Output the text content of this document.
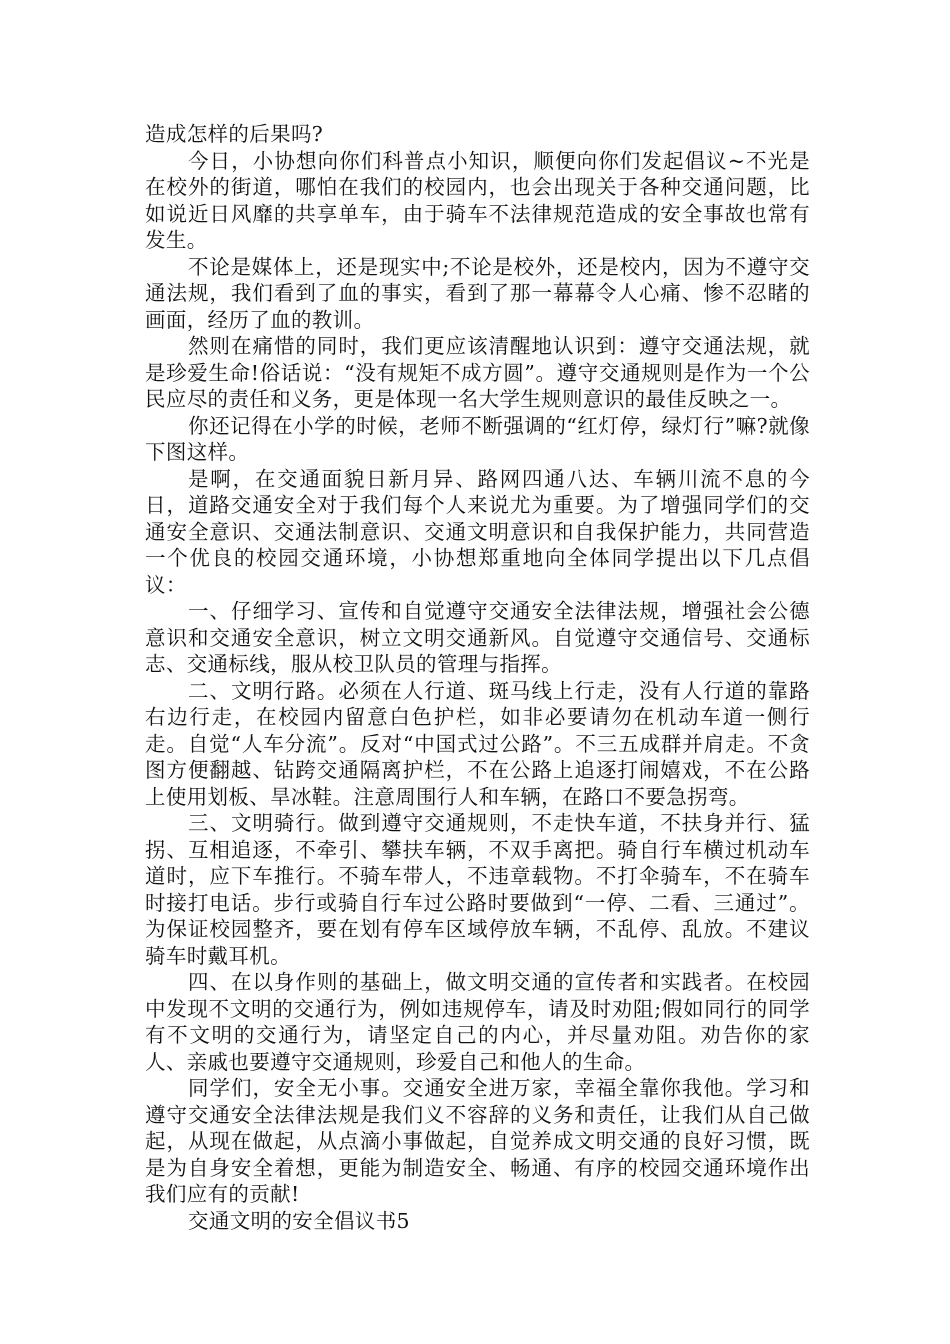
造成怎样的后果吗?

今日，小协想向你们科普点小知识，顺便向你们发起倡议~不光是在校外的街道，哪怕在我们的校园内，也会出现关于各种交通问题，比如说近日风靡的共享单车，由于骑车不法律规范造成的安全事故也常有发生。

不论是媒体上，还是现实中;不论是校外，还是校内，因为不遵守交通法规，我们看到了血的事实，看到了那一幕幕令人心痛、惨不忍睹的画面，经历了血的教训。

然则在痛惜的同时，我们更应该清醒地认识到：遵守交通法规，就是珍爱生命!俗话说：“没有规矩不成方圆”。遵守交通规则是作为一个公民应尽的责任和义务，更是体现一名大学生规则意识的最佳反映之一。

你还记得在小学的时候，老师不断强调的“红灯停，绿灯行”嘛?就像下图这样。

是啊，在交通面貌日新月异、路网四通八达、车辆川流不息的今日，道路交通安全对于我们每个人来说尤为重要。为了增强同学们的交通安全意识、交通法制意识、交通文明意识和自我保护能力，共同营造一个优良的校园交通环境，小协想郑重地向全体同学提出以下几点倡议：

一、仔细学习、宣传和自觉遵守交通安全法律法规，增强社会公德意识和交通安全意识，树立文明交通新风。自觉遵守交通信号、交通标志、交通标线，服从校卫队员的管理与指挥。

二、文明行路。必须在人行道、斑马线上行走，没有人行道的靠路右边行走，在校园内留意白色护栏，如非必要请勿在机动车道一侧行走。自觉“人车分流”。反对“中国式过公路”。不三五成群并肩走。不贪图方便翻越、钻跨交通隔离护栏，不在公路上追逐打闹嬉戏，不在公路上使用划板、旱冰鞋。注意周围行人和车辆，在路口不要急拐弯。

三、文明骑行。做到遵守交通规则，不走快车道，不扶身并行、猛拐、互相追逐，不牵引、攀扶车辆，不双手离把。骑自行车横过机动车道时，应下车推行。不骑车带人，不违章载物。不打伞骑车，不在骑车时接打电话。步行或骑自行车过公路时要做到“一停、二看、三通过”。为保证校园整齐，要在划有停车区域停放车辆，不乱停、乱放。不建议骑车时戴耳机。

四、在以身作则的基础上，做文明交通的宣传者和实践者。在校园中发现不文明的交通行为，例如违规停车，请及时劝阻;假如同行的同学有不文明的交通行为，请坚定自己的内心，并尽量劝阻。劝告你的家人、亲戚也要遵守交通规则，珍爱自己和他人的生命。

同学们，安全无小事。交通安全进万家，幸福全靠你我他。学习和遵守交通安全法律法规是我们义不容辞的义务和责任，让我们从自己做起，从现在做起，从点滴小事做起，自觉养成文明交通的良好习惯，既是为自身安全着想，更能为制造安全、畅通、有序的校园交通环境作出我们应有的贡献!

交通文明的安全倡议书5
